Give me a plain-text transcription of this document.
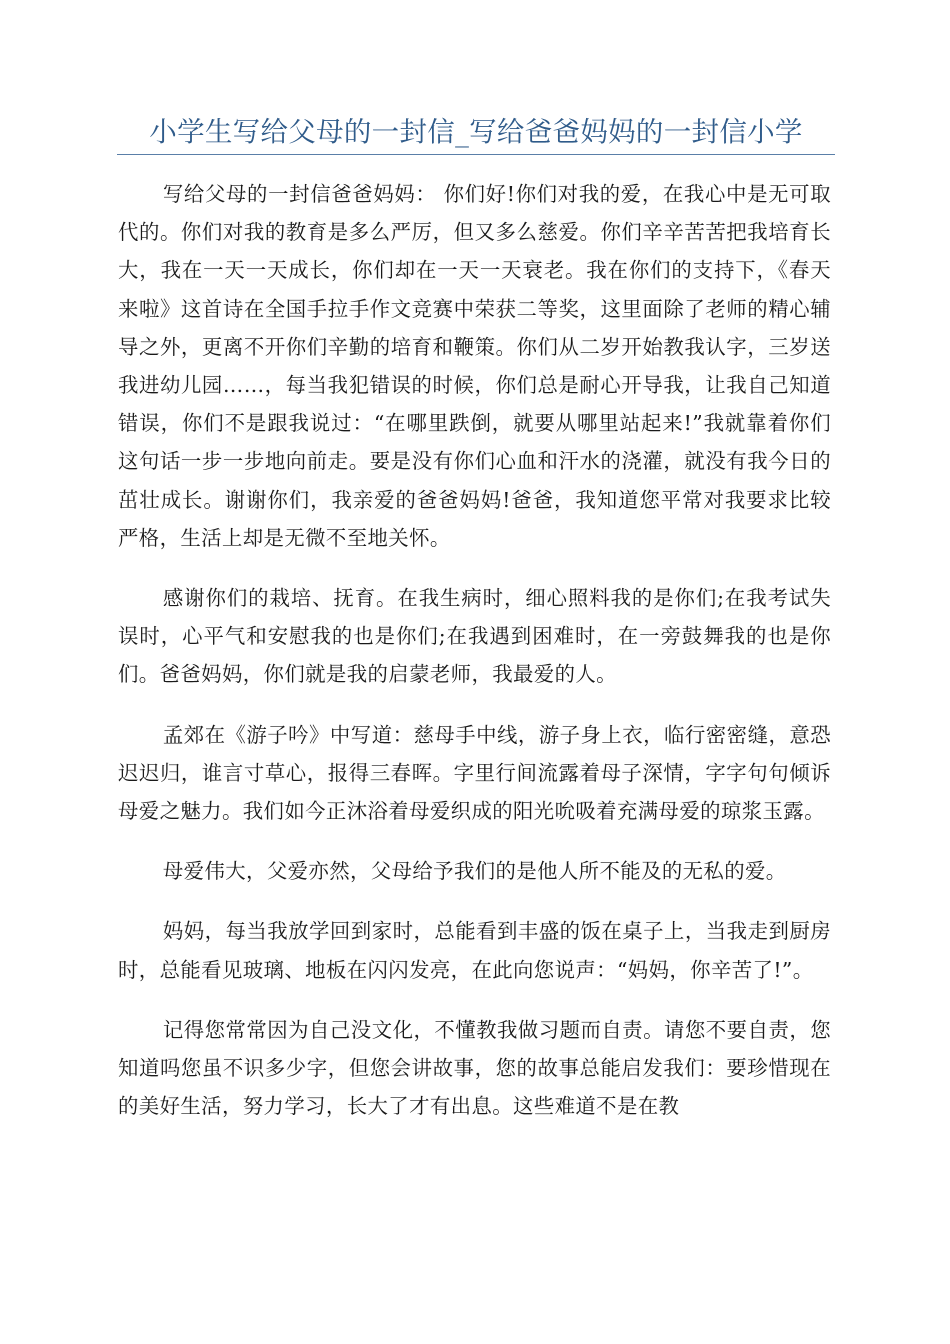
小学生写给父母的一封信_写给爸爸妈妈的一封信小学

写给父母的一封信爸爸妈妈： 你们好!你们对我的爱，在我心中是无可取代的。你们对我的教育是多么严厉，但又多么慈爱。你们辛辛苦苦把我培育长大，我在一天一天成长，你们却在一天一天衰老。我在你们的支持下，《春天来啦》这首诗在全国手拉手作文竞赛中荣获二等奖，这里面除了老师的精心辅导之外，更离不开你们辛勤的培育和鞭策。你们从二岁开始教我认字，三岁送我进幼儿园……，每当我犯错误的时候，你们总是耐心开导我，让我自己知道错误，你们不是跟我说过：“在哪里跌倒，就要从哪里站起来!”我就靠着你们这句话一步一步地向前走。要是没有你们心血和汗水的浇灌，就没有我今日的茁壮成长。谢谢你们，我亲爱的爸爸妈妈!爸爸，我知道您平常对我要求比较严格，生活上却是无微不至地关怀。

感谢你们的栽培、抚育。在我生病时，细心照料我的是你们;在我考试失误时，心平气和安慰我的也是你们;在我遇到困难时，在一旁鼓舞我的也是你们。爸爸妈妈，你们就是我的启蒙老师，我最爱的人。

孟郊在《游子吟》中写道：慈母手中线，游子身上衣，临行密密缝，意恐迟迟归，谁言寸草心，报得三春晖。字里行间流露着母子深情，字字句句倾诉母爱之魅力。我们如今正沐浴着母爱织成的阳光吮吸着充满母爱的琼浆玉露。

母爱伟大，父爱亦然，父母给予我们的是他人所不能及的无私的爱。

妈妈，每当我放学回到家时，总能看到丰盛的饭在桌子上，当我走到厨房时，总能看见玻璃、地板在闪闪发亮，在此向您说声：“妈妈，你辛苦了!”。

记得您常常因为自己没文化，不懂教我做习题而自责。请您不要自责，您知道吗您虽不识多少字，但您会讲故事，您的故事总能启发我们：要珍惜现在的美好生活，努力学习，长大了才有出息。这些难道不是在教
